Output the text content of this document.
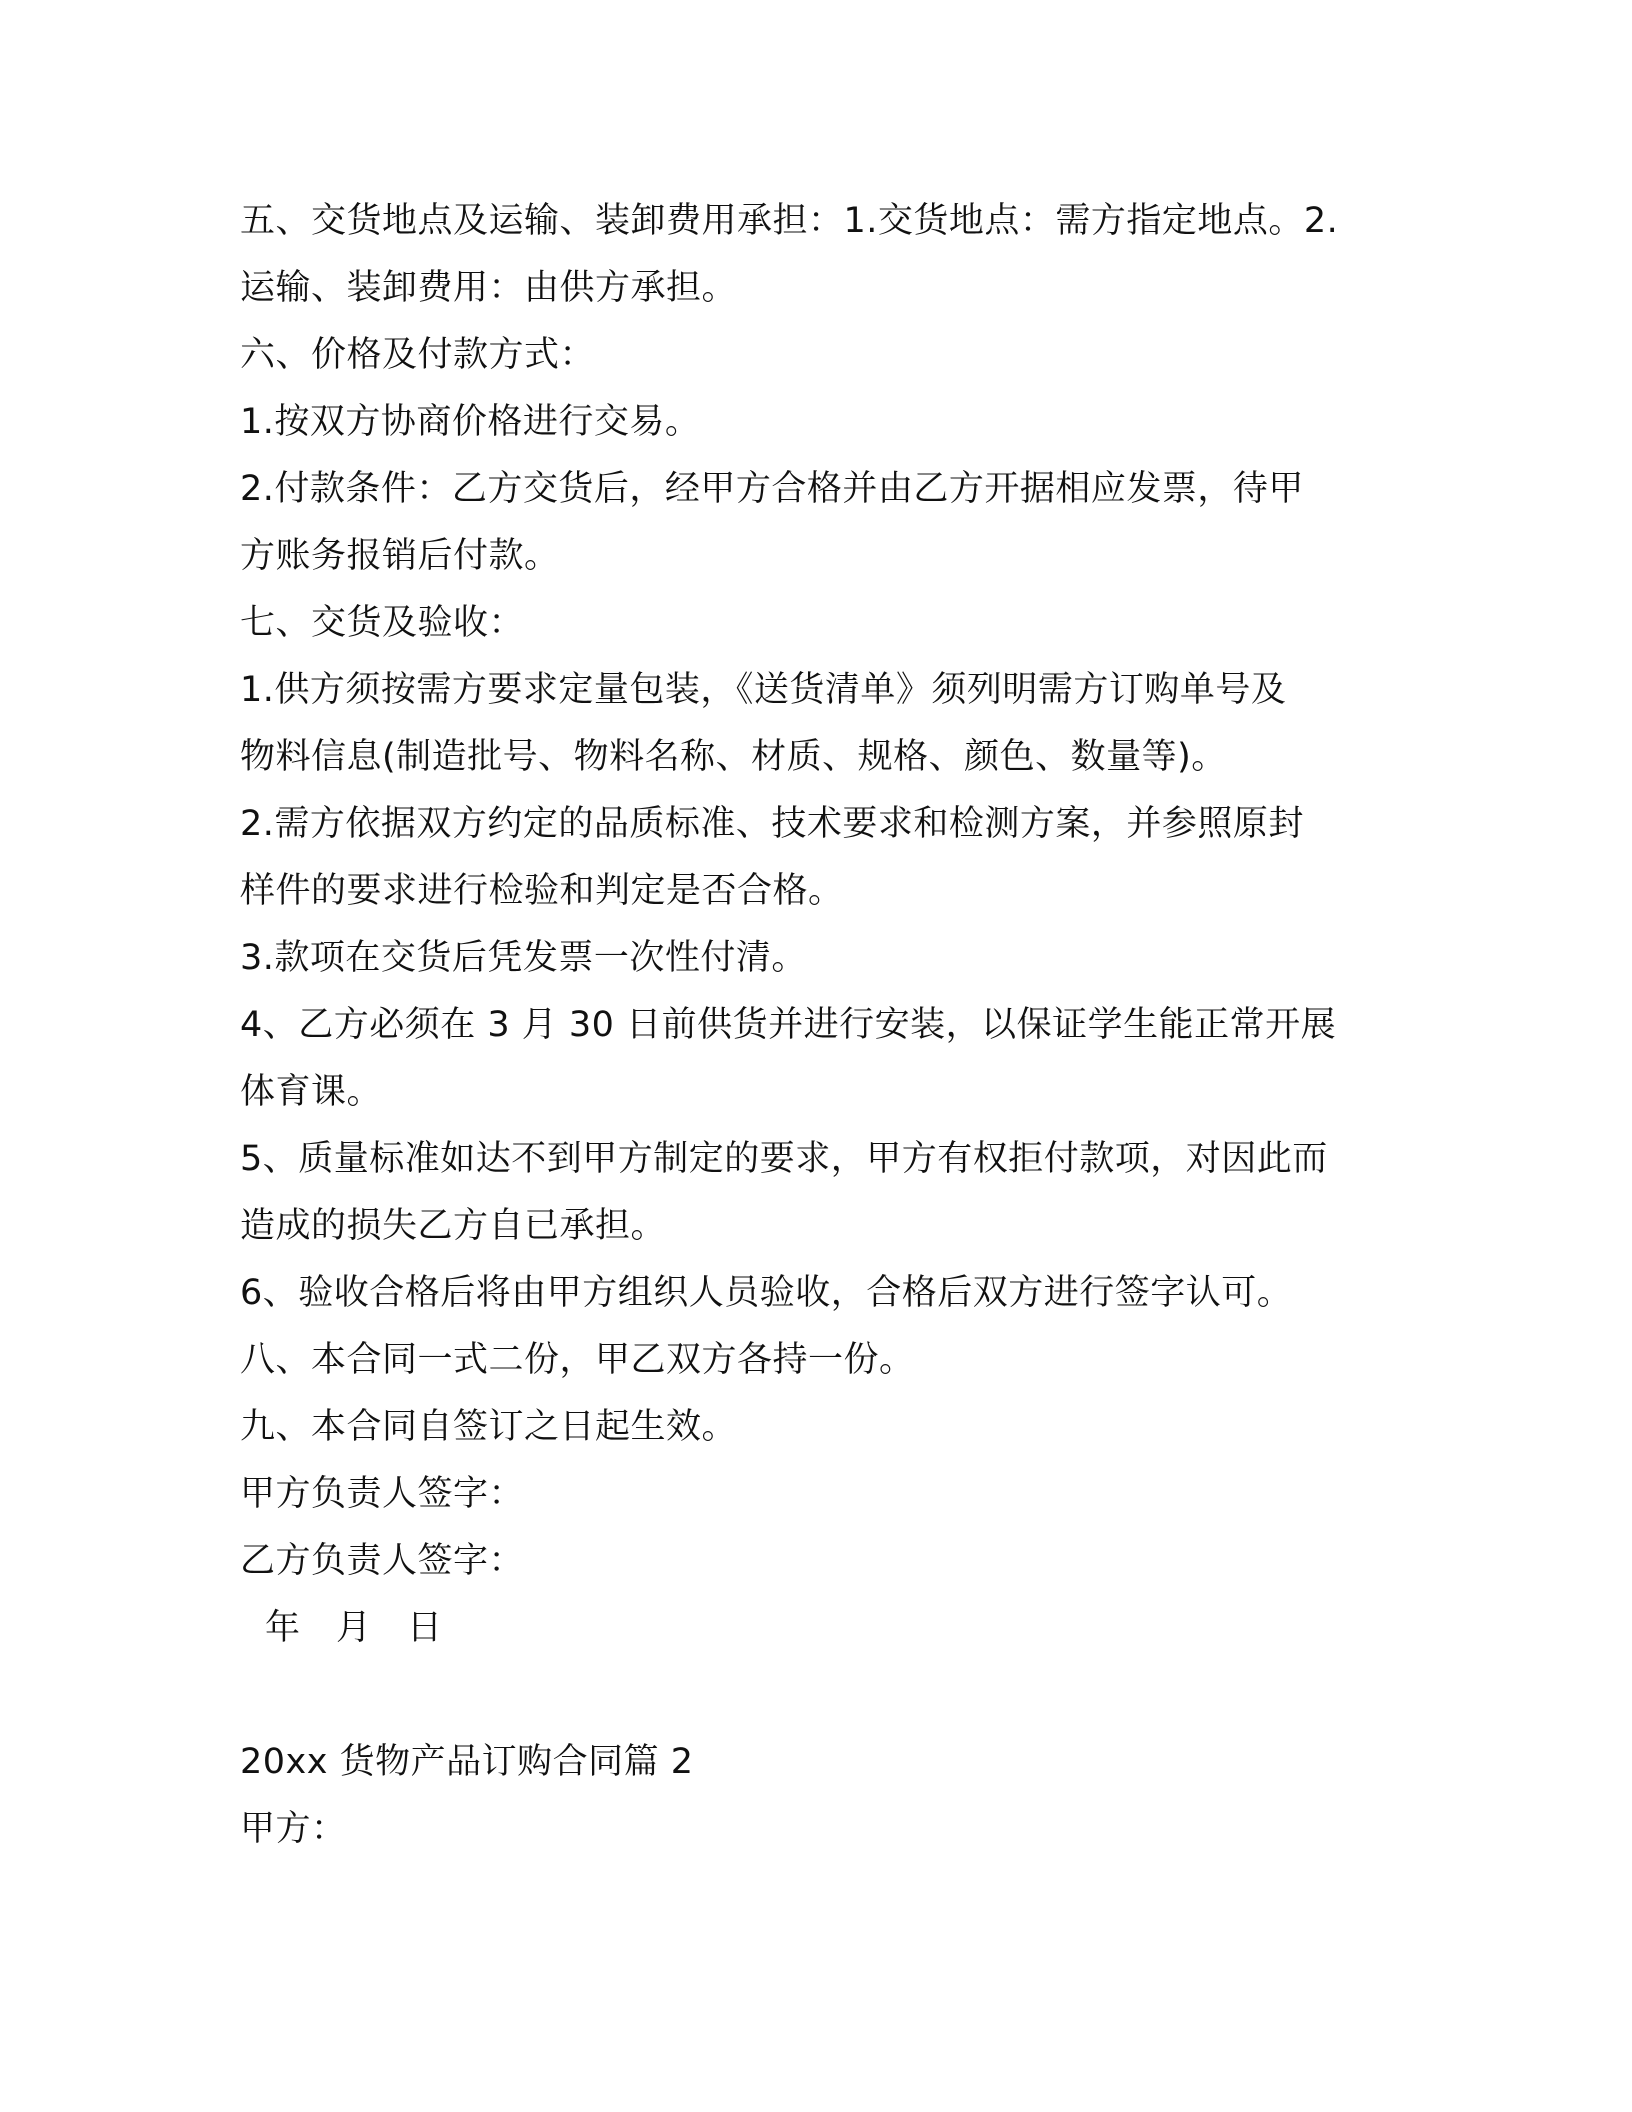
五、交货地点及运输、装卸费用承担：1.交货地点：需方指定地点。2.
运输、装卸费用：由供方承担。
六、价格及付款方式：
1.按双方协商价格进行交易。
2.付款条件：乙方交货后，经甲方合格并由乙方开据相应发票，待甲
方账务报销后付款。
七、交货及验收：
1.供方须按需方要求定量包装，《送货清单》须列明需方订购单号及
物料信息(制造批号、物料名称、材质、规格、颜色、数量等)。
2.需方依据双方约定的品质标准、技术要求和检测方案，并参照原封
样件的要求进行检验和判定是否合格。
3.款项在交货后凭发票一次性付清。
4、乙方必须在 3 月 30 日前供货并进行安装，以保证学生能正常开展
体育课。
5、质量标准如达不到甲方制定的要求，甲方有权拒付款项，对因此而
造成的损失乙方自已承担。
6、验收合格后将由甲方组织人员验收，合格后双方进行签字认可。
八、本合同一式二份，甲乙双方各持一份。
九、本合同自签订之日起生效。
甲方负责人签字：
乙方负责人签字：
年　月　日
20xx 货物产品订购合同篇 2
甲方：
